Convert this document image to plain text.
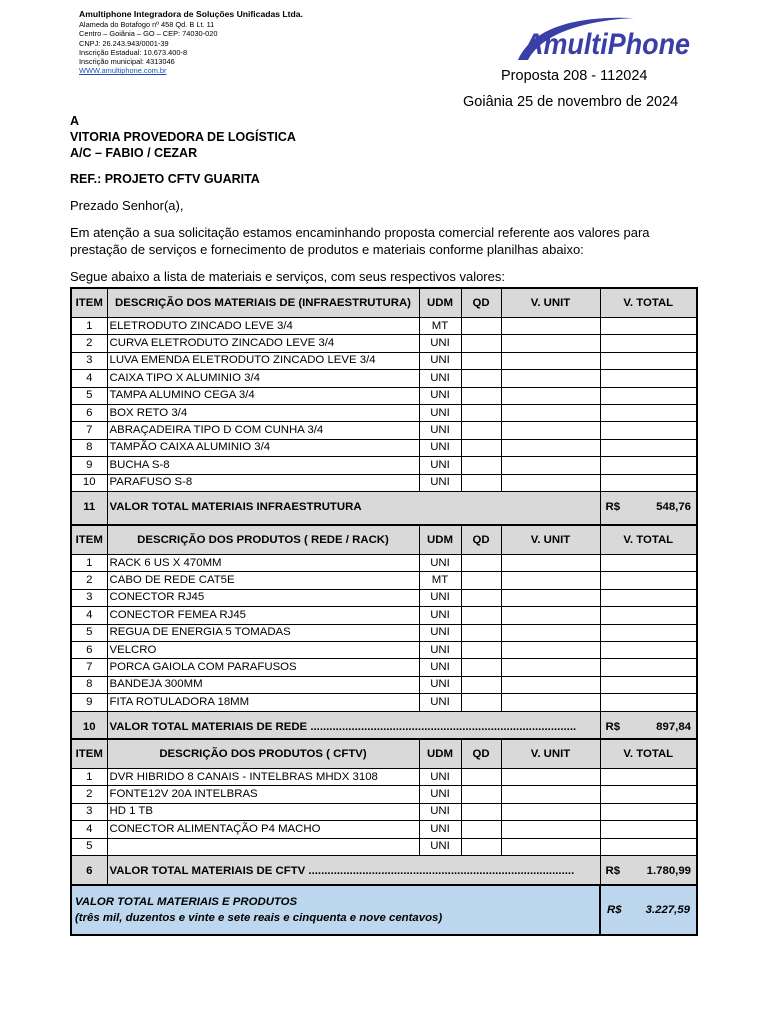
Amultiphone Integradora de Soluções Unificadas Ltda.
Alameda do Botafogo nº 458 Qd. B Lt. 11
Centro – Goiânia – GO – CEP: 74030-020
CNPJ: 26.243.943/0001-39
Inscrição Estadual: 10.673.400-8
Inscrição municipal: 4313046
WWW.amultiphone.com.br
AmultiPhone
Proposta 208 - 112024
Goiânia 25 de novembro de 2024
A
VITORIA PROVEDORA DE LOGÍSTICA
A/C – FABIO / CEZAR
REF.: PROJETO CFTV GUARITA
Prezado Senhor(a),
Em atenção a sua solicitação estamos encaminhando proposta comercial referente aos valores para prestação de serviços e fornecimento de produtos e materiais conforme planilhas abaixo:
Segue abaixo a lista de materiais e serviços, com seus respectivos valores:
ITEM	DESCRIÇÃO DOS MATERIAIS DE (INFRAESTRUTURA)	UDM	QD	V. UNIT	V. TOTAL
1	ELETRODUTO ZINCADO LEVE 3/4	MT			
2	CURVA ELETRODUTO ZINCADO LEVE 3/4	UNI			
3	LUVA EMENDA ELETRODUTO ZINCADO LEVE 3/4	UNI			
4	CAIXA TIPO X ALUMINIO 3/4	UNI			
5	TAMPA ALUMINO CEGA 3/4	UNI			
6	BOX RETO 3/4	UNI			
7	ABRAÇADEIRA TIPO D COM CUNHA 3/4	UNI			
8	TAMPÃO CAIXA ALUMINIO 3/4	UNI			
9	BUCHA S-8	UNI			
10	PARAFUSO S-8	UNI			
11	VALOR TOTAL MATERIAIS INFRAESTRUTURA				R$ 548,76
ITEM	DESCRIÇÃO DOS PRODUTOS ( REDE / RACK)	UDM	QD	V. UNIT	V. TOTAL
1	RACK 6 US X 470MM	UNI			
2	CABO DE REDE CAT5E	MT			
3	CONECTOR RJ45	UNI			
4	CONECTOR FEMEA RJ45	UNI			
5	REGUA DE ENERGIA 5 TOMADAS	UNI			
6	VELCRO	UNI			
7	PORCA GAIOLA COM PARAFUSOS	UNI			
8	BANDEJA 300MM	UNI			
9	FITA ROTULADORA 18MM	UNI			
10	VALOR TOTAL MATERIAIS DE REDE ....................................................................................				R$ 897,84
ITEM	DESCRIÇÃO DOS PRODUTOS ( CFTV)	UDM	QD	V. UNIT	V. TOTAL
1	DVR HIBRIDO 8 CANAIS - INTELBRAS MHDX 3108	UNI			
2	FONTE12V 20A INTELBRAS	UNI			
3	HD 1 TB	UNI			
4	CONECTOR ALIMENTAÇÃO P4 MACHO	UNI			
5		UNI			
6	VALOR TOTAL MATERIAIS DE CFTV ....................................................................................				R$ 1.780,99
VALOR TOTAL MATERIAIS E PRODUTOS
(três mil, duzentos e vinte e sete reais e cinquenta e nove centavos)

R$ 3.227,59
